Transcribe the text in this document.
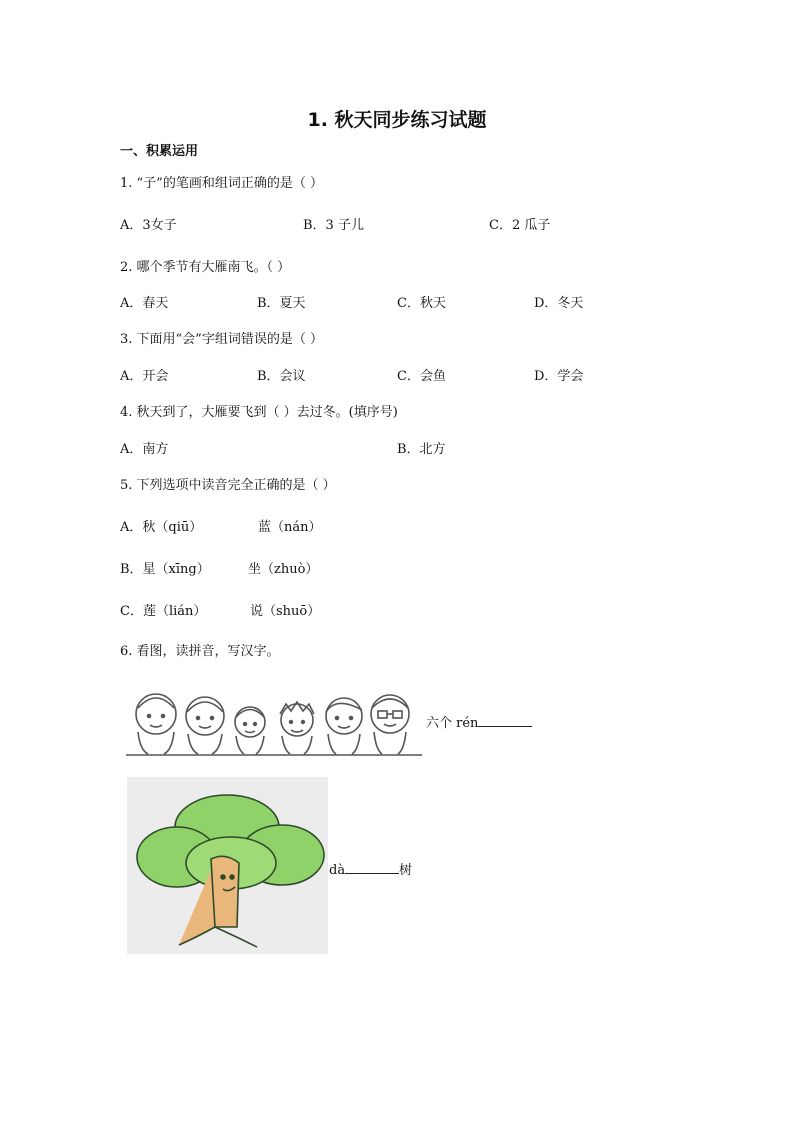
1. 秋天同步练习试题
一、积累运用
1. “子”的笔画和组词正确的是（ ）
A．3女子	B．3 子儿	C．2 瓜子
2. 哪个季节有大雁南飞。（ ）
A．春天	B．夏天	C．秋天	D．冬天
3. 下面用“会”字组词错误的是（ ）
A．开会	B．会议	C．会鱼	D．学会
4. 秋天到了，大雁要飞到（ ）去过冬。(填序号)
A．南方	B．北方
5. 下列选项中读音完全正确的是（ ）
A．秋（qiū）	蓝（nán）
B．星（xīng）	坐（zhuò）
C．莲（lián）	说（shuō）
6. 看图，读拼音，写汉字。
六个 rén
dà	树
